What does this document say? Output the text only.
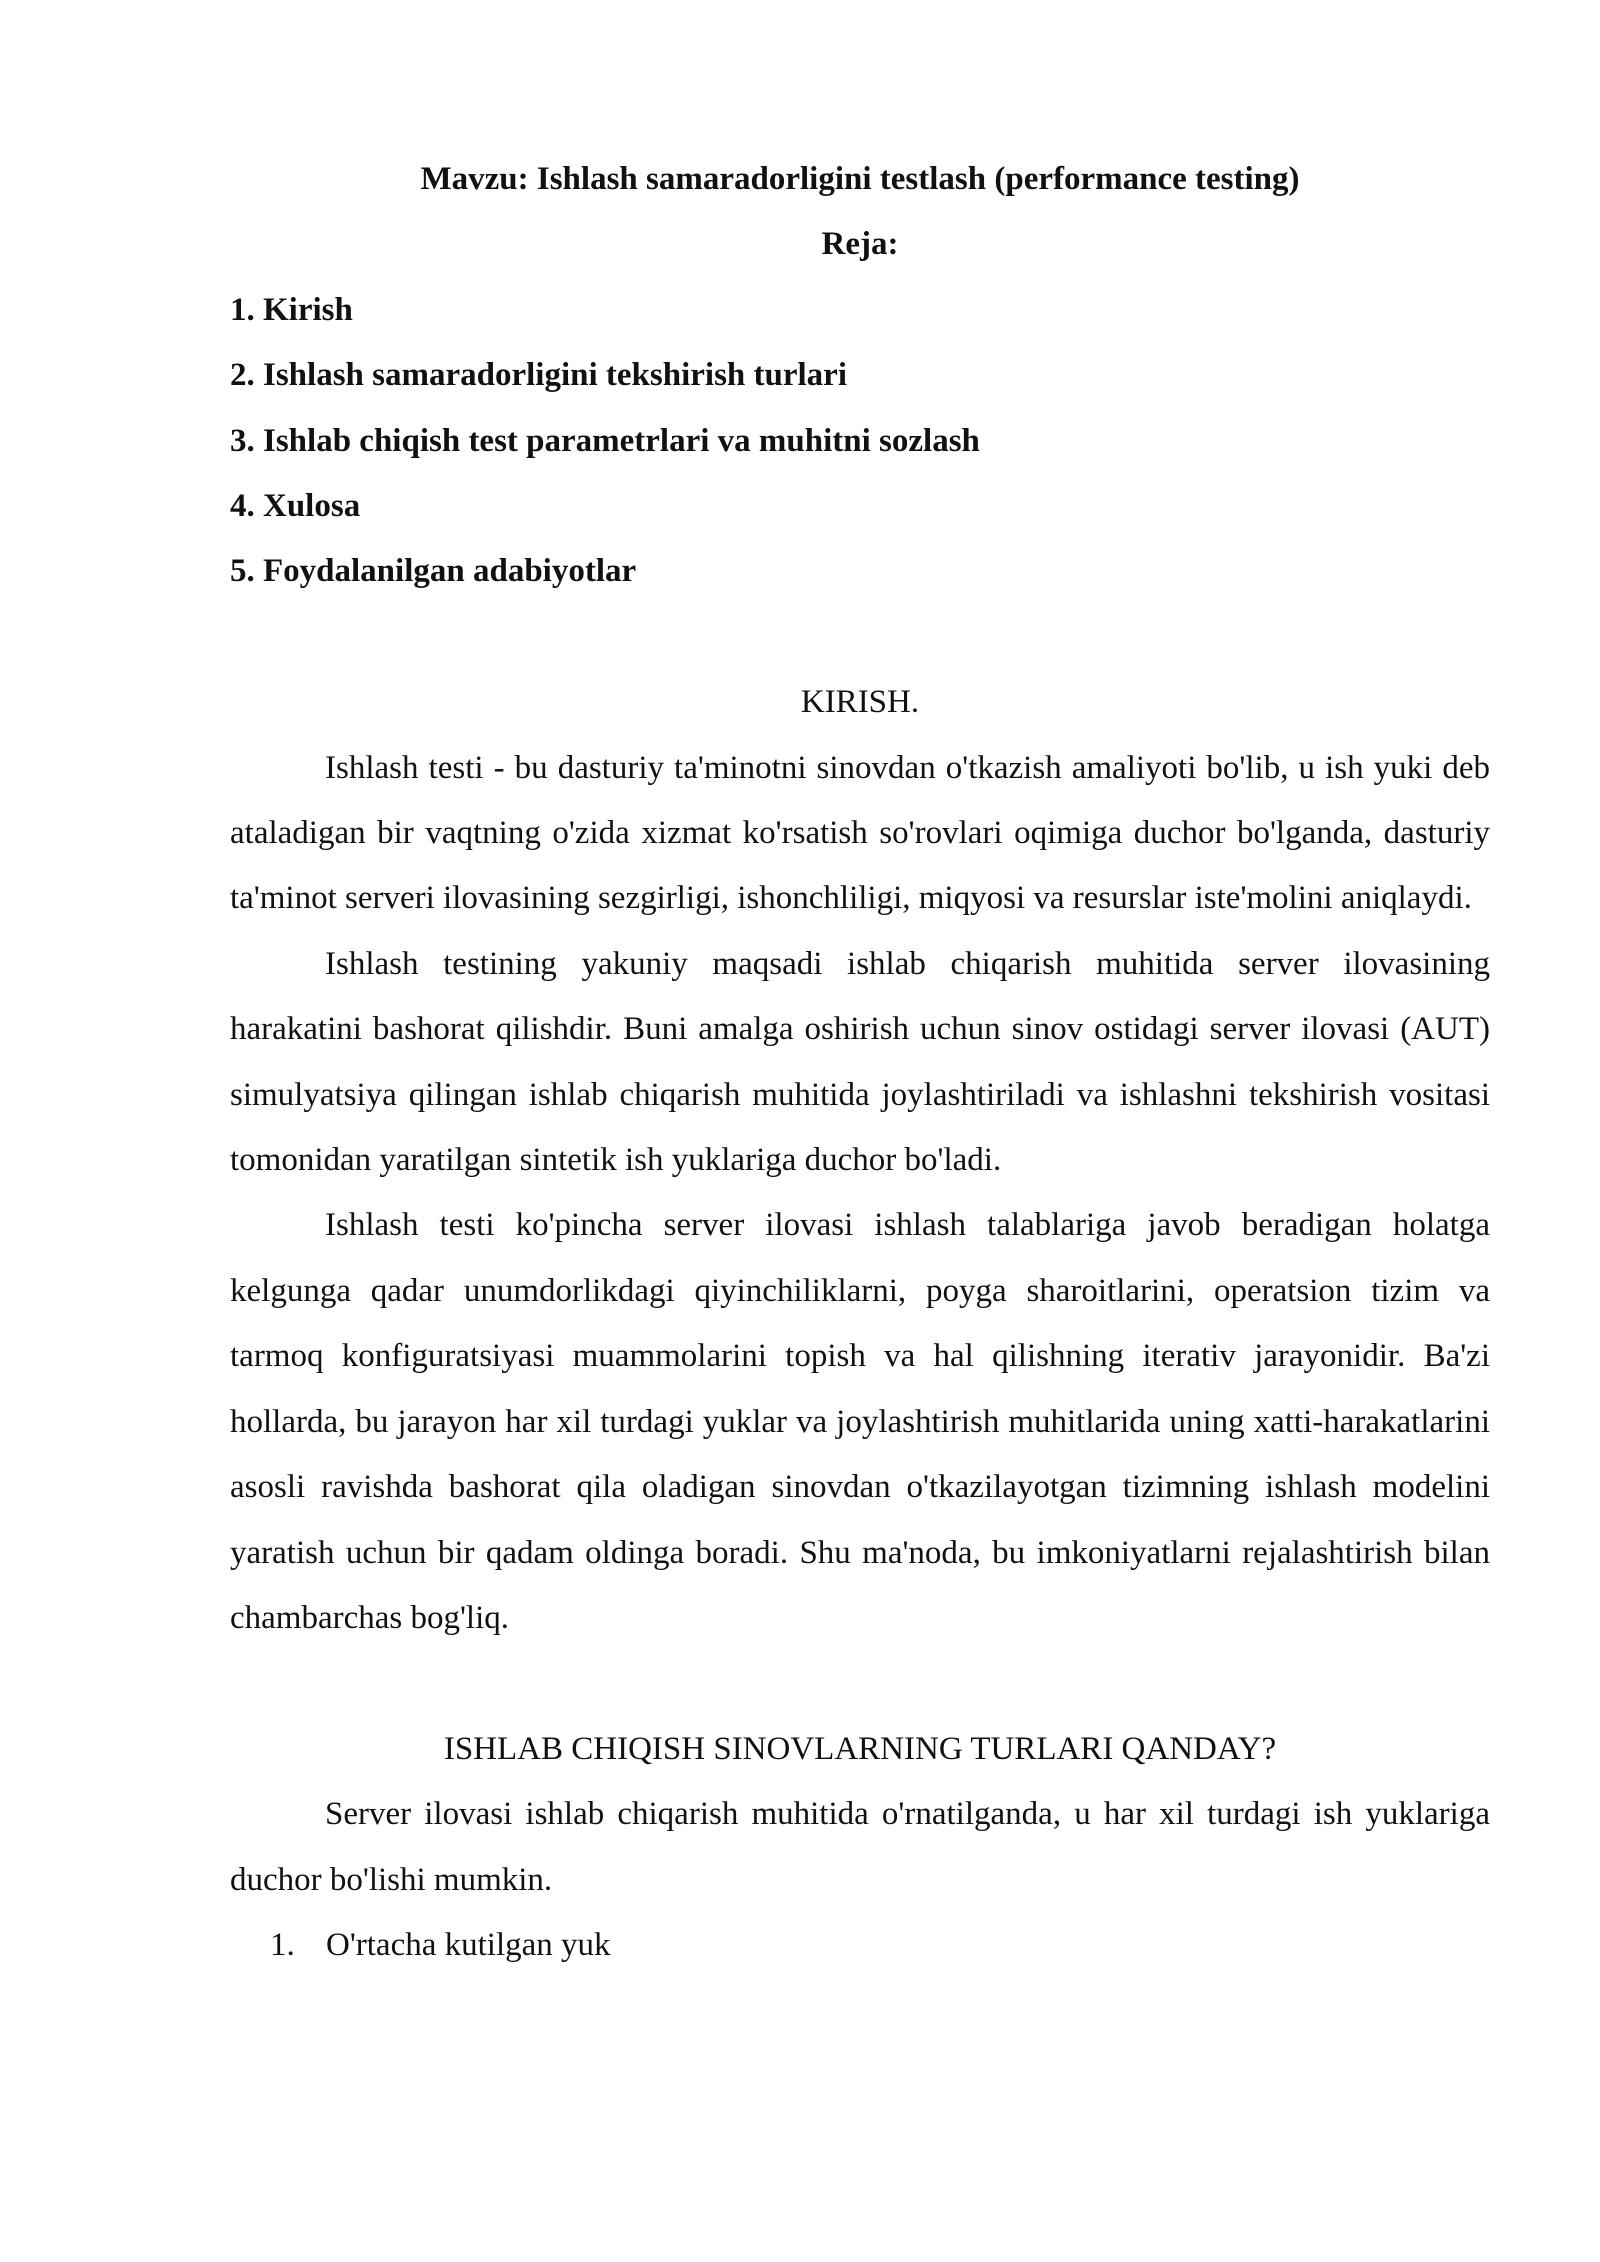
Mavzu: Ishlash samaradorligini testlash (performance testing)
Reja:
1. Kirish
2. Ishlash samaradorligini tekshirish turlari
3. Ishlab chiqish test parametrlari va muhitni sozlash
4. Xulosa
5. Foydalanilgan adabiyotlar
KIRISH.

Ishlash testi - bu dasturiy ta'minotni sinovdan o'tkazish amaliyoti bo'lib, u ish yuki deb ataladigan bir vaqtning o'zida xizmat ko'rsatish so'rovlari oqimiga duchor bo'lganda, dasturiy ta'minot serveri ilovasining sezgirligi, ishonchliligi, miqyosi va resurslar iste'molini aniqlaydi.

Ishlash testining yakuniy maqsadi ishlab chiqarish muhitida server ilovasining harakatini bashorat qilishdir. Buni amalga oshirish uchun sinov ostidagi server ilovasi (AUT) simulyatsiya qilingan ishlab chiqarish muhitida joylashtiriladi va ishlashni tekshirish vositasi tomonidan yaratilgan sintetik ish yuklariga duchor bo'ladi.

Ishlash testi ko'pincha server ilovasi ishlash talablariga javob beradigan holatga kelgunga qadar unumdorlikdagi qiyinchiliklarni, poyga sharoitlarini, operatsion tizim va tarmoq konfiguratsiyasi muammolarini topish va hal qilishning iterativ jarayonidir. Ba'zi hollarda, bu jarayon har xil turdagi yuklar va joylashtirish muhitlarida uning xatti-harakatlarini asosli ravishda bashorat qila oladigan sinovdan o'tkazilayotgan tizimning ishlash modelini yaratish uchun bir qadam oldinga boradi. Shu ma'noda, bu imkoniyatlarni rejalashtirish bilan chambarchas bog'liq.

ISHLAB CHIQISH SINOVLARNING TURLARI QANDAY?

Server ilovasi ishlab chiqarish muhitida o'rnatilganda, u har xil turdagi ish yuklariga duchor bo'lishi mumkin.

1. O'rtacha kutilgan yuk
